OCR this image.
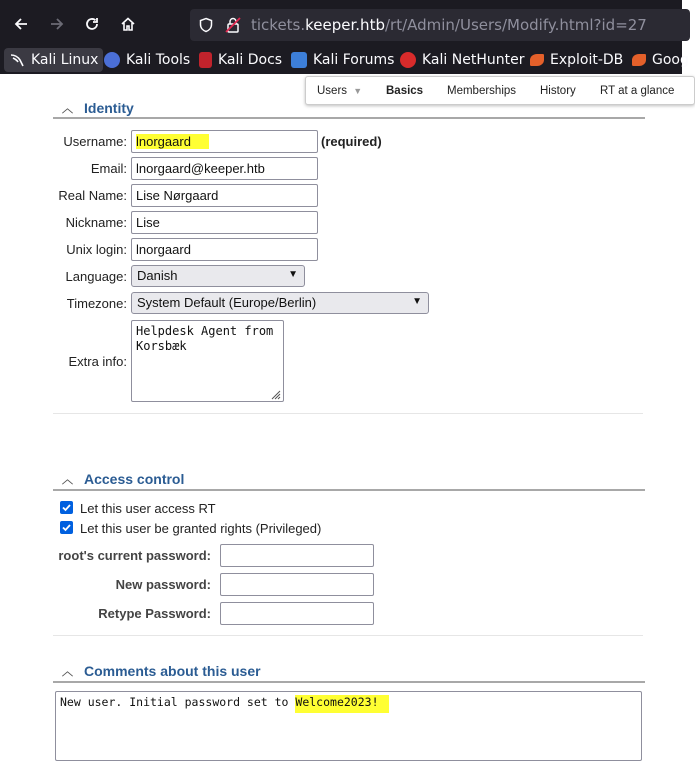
tickets.keeper.htb/rt/Admin/Users/Modify.html?id=27
Kali Linux Kali Tools Kali Docs Kali Forums Kali NetHunter Exploit-DB Goog
Users ▼ Basics Memberships History RT at a glance
︿ Identity
Username: lnorgaard	(required)
Email: lnorgaard@keeper.htb
Real Name: Lise Nørgaard
Nickname: Lise
Unix login: lnorgaard
Language: Danish	▼
Timezone: System Default (Europe/Berlin)	▼
Extra info:
Helpdesk Agent from
Korsbæk
︿ Access control
Let this user access RT
Let this user be granted rights (Privileged)
root's current password:
New password:
Retype Password:
︿ Comments about this user
New user. Initial password set to Welcome2023!
